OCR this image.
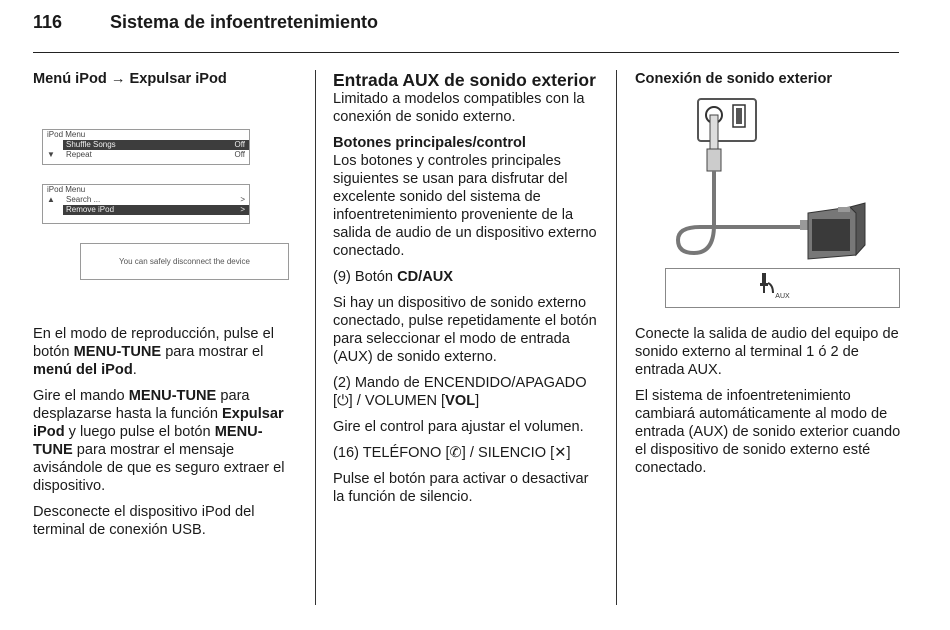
116	Sistema de infoentretenimiento
Menú iPod → Expulsar iPod
iPod Menu
Shuffle Songs	Off
▼ Repeat	Off
iPod Menu
▲ Search ...	>
Remove iPod	>
You can safely disconnect the device

En el modo de reproducción, pulse el botón MENU-TUNE para mostrar el menú del iPod.

Gire el mando MENU-TUNE para desplazarse hasta la función Expulsar iPod y luego pulse el botón MENU-TUNE para mostrar el mensaje avisándole de que es seguro extraer el dispositivo.

Desconecte el dispositivo iPod del terminal de conexión USB.

Entrada AUX de sonido exterior

Limitado a modelos compatibles con la conexión de sonido externo.

Botones principales/control

Los botones y controles principales siguientes se usan para disfrutar del excelente sonido del sistema de infoentretenimiento proveniente de la salida de audio de un dispositivo externo conectado.

(9) Botón CD/AUX

Si hay un dispositivo de sonido externo conectado, pulse repetidamente el botón para seleccionar el modo de entrada (AUX) de sonido externo.

(2) Mando de ENCENDIDO/APAGADO [⏻] / VOLUMEN [VOL]

Gire el control para ajustar el volumen.

(16) TELÉFONO [✆] / SILENCIO [✕]

Pulse el botón para activar o desactivar la función de silencio.

Conexión de sonido exterior
AUX

Conecte la salida de audio del equipo de sonido externo al terminal 1 ó 2 de entrada AUX.

El sistema de infoentretenimiento cambiará automáticamente al modo de entrada (AUX) de sonido exterior cuando el dispositivo de sonido externo esté conectado.
